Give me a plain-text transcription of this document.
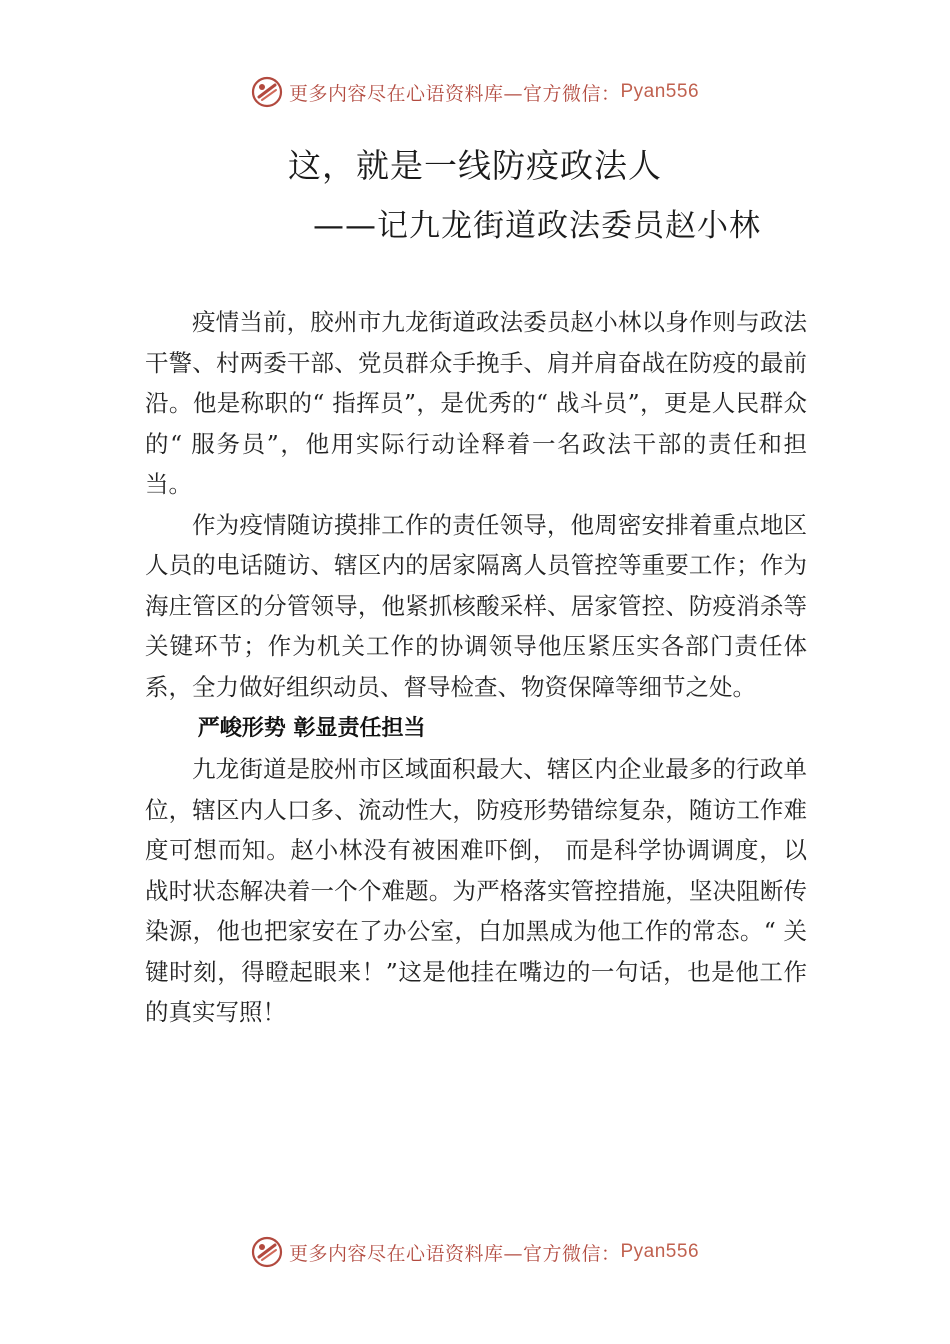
更多内容尽在心语资料库—官方微信： Pyan556
这，就是一线防疫政法人
——记九龙街道政法委员赵小林

疫情当前，胶州市九龙街道政法委员赵小林以身作则与政法干警、村两委干部、党员群众手挽手、肩并肩奋战在防疫的最前沿。他是称职的“ 指挥员”，是优秀的“ 战斗员”，更是人民群众的“ 服务员”，他用实际行动诠释着一名政法干部的责任和担当。

作为疫情随访摸排工作的责任领导，他周密安排着重点地区人员的电话随访、辖区内的居家隔离人员管控等重要工作；作为海庄管区的分管领导，他紧抓核酸采样、居家管控、防疫消杀等关键环节；作为机关工作的协调领导他压紧压实各部门责任体系，全力做好组织动员、督导检查、物资保障等细节之处。

严峻形势 彰显责任担当

九龙街道是胶州市区域面积最大、辖区内企业最多的行政单位，辖区内人口多、流动性大，防疫形势错综复杂，随访工作难度可想而知。赵小林没有被困难吓倒， 而是科学协调调度，以战时状态解决着一个个难题。为严格落实管控措施，坚决阻断传染源，他也把家安在了办公室，白加黑成为他工作的常态。“ 关键时刻，得瞪起眼来！”这是他挂在嘴边的一句话，也是他工作的真实写照！

更多内容尽在心语资料库—官方微信： Pyan556
